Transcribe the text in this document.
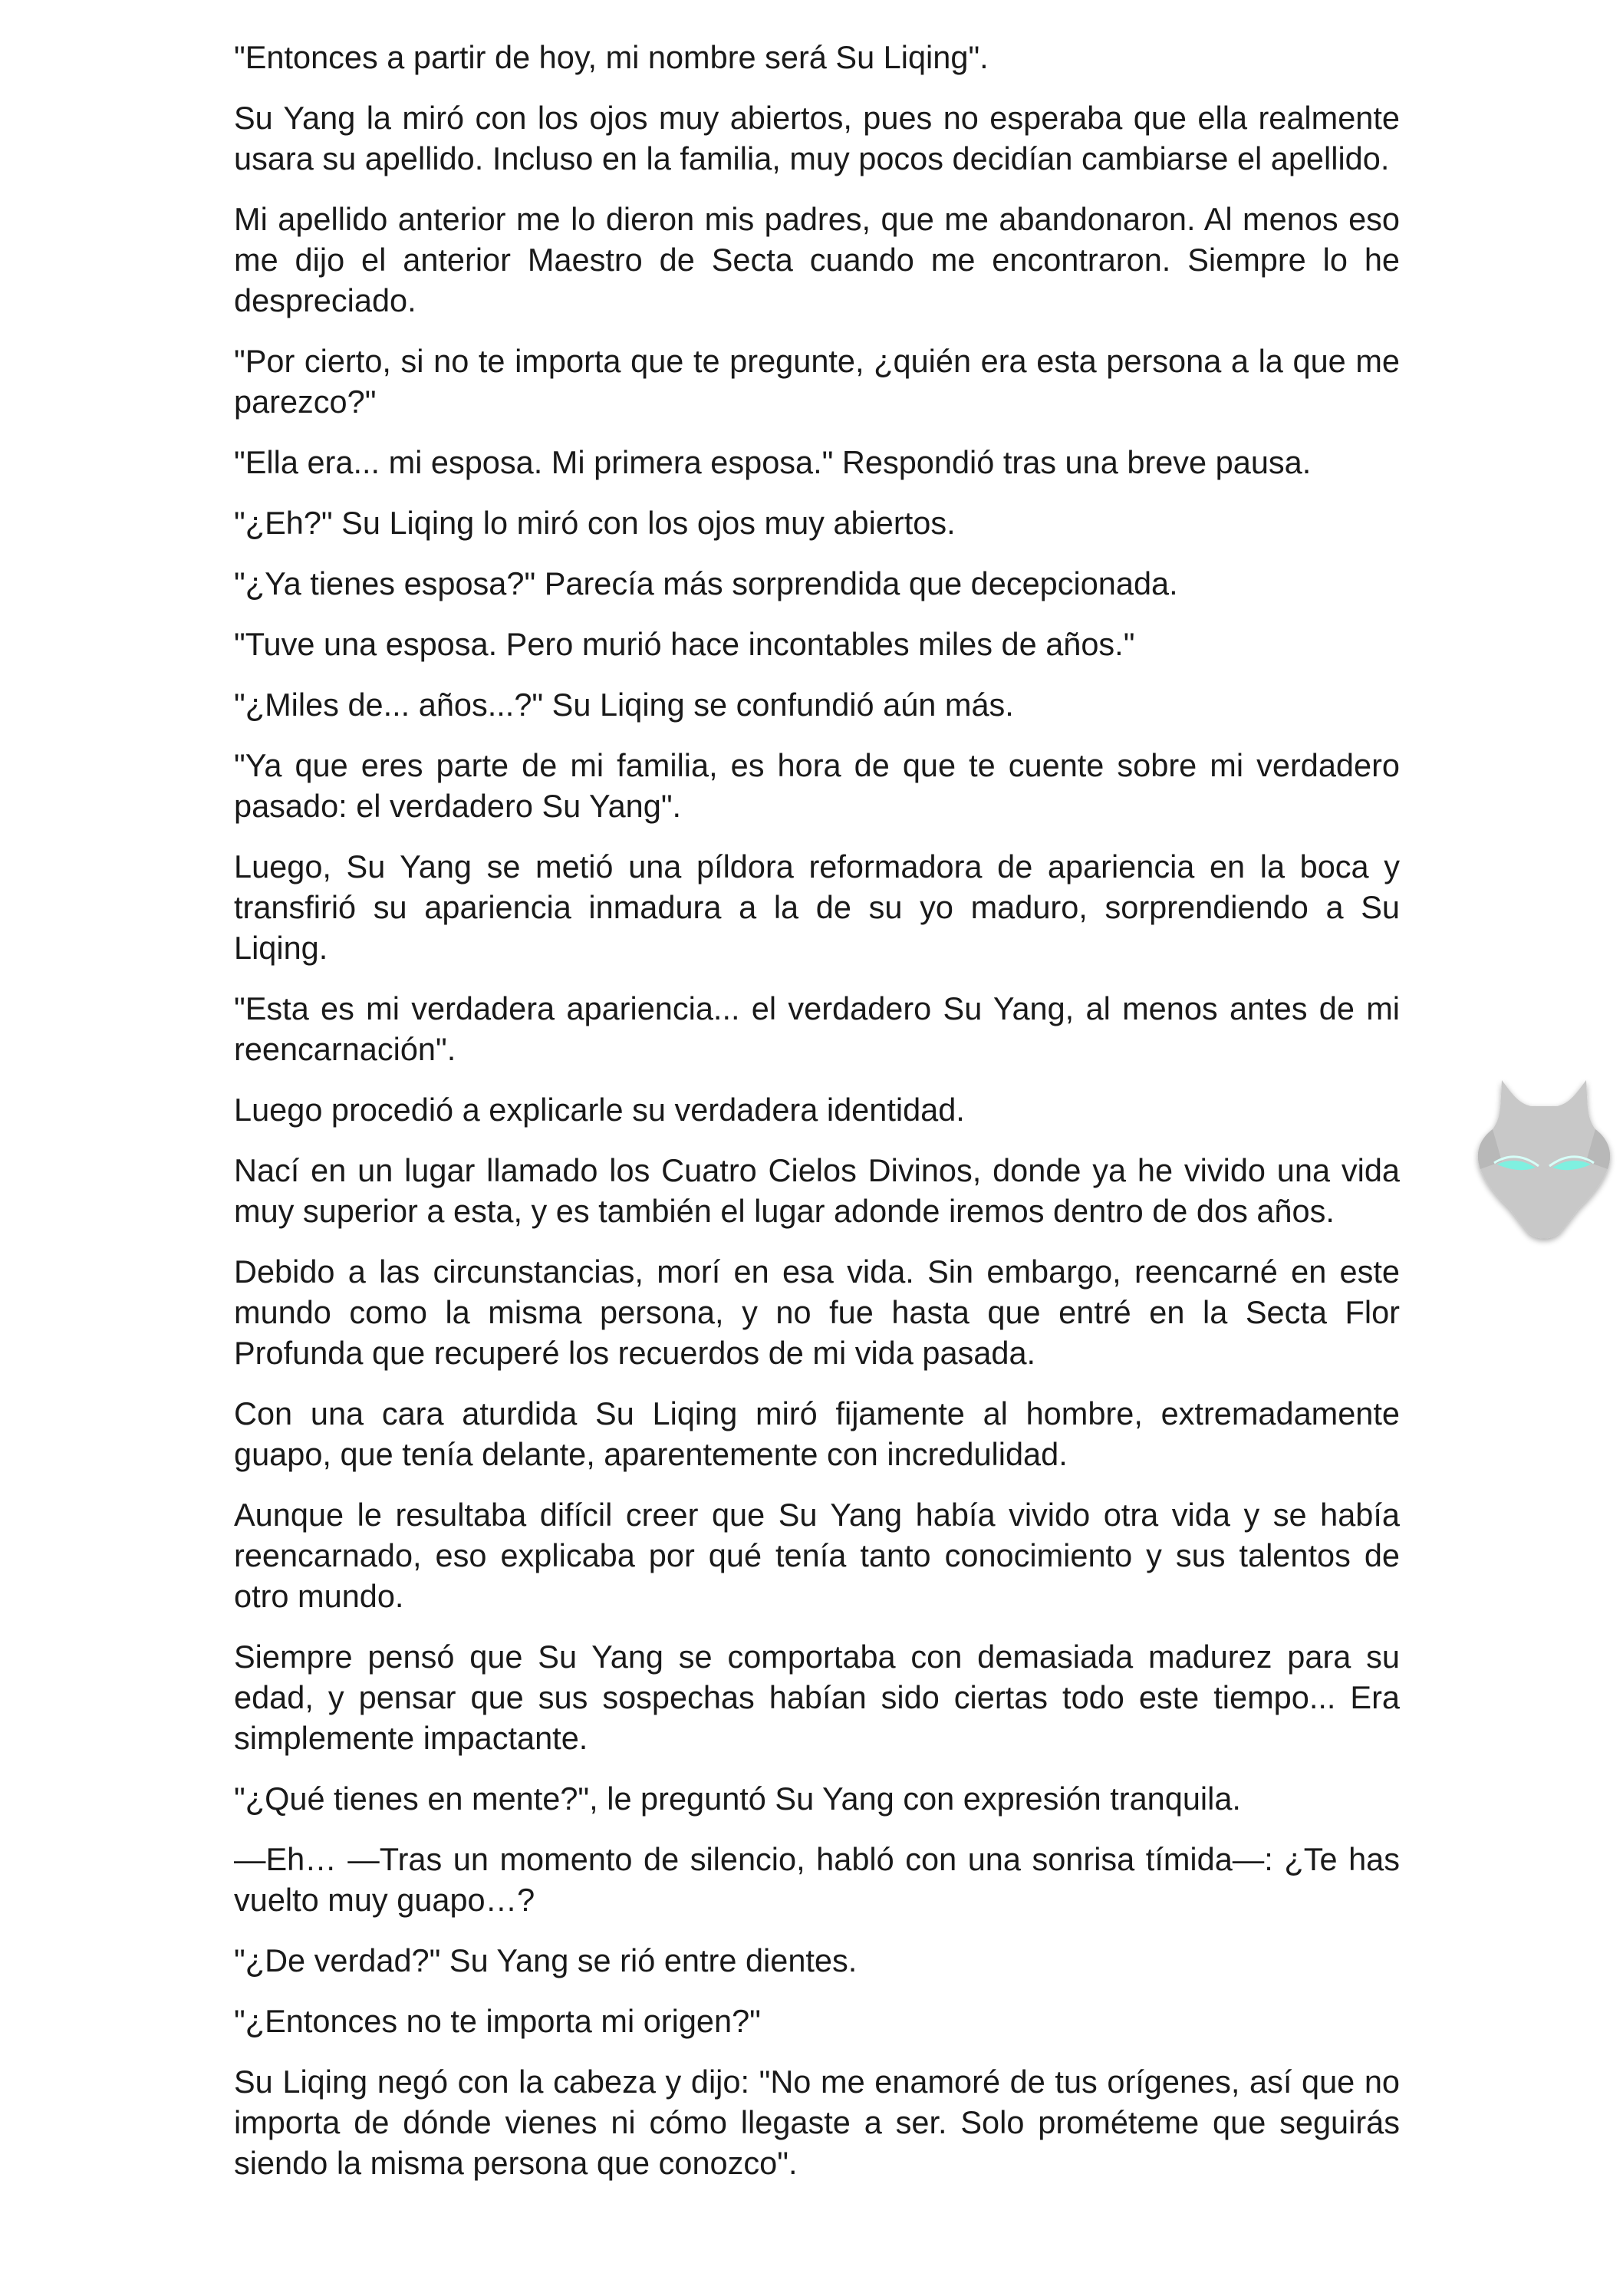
"Entonces a partir de hoy, mi nombre será Su Liqing".

Su Yang la miró con los ojos muy abiertos, pues no esperaba que ella realmente usara su apellido. Incluso en la familia, muy pocos decidían cambiarse el apellido.

Mi apellido anterior me lo dieron mis padres, que me abandonaron. Al menos eso me dijo el anterior Maestro de Secta cuando me encontraron. Siempre lo he despreciado.

"Por cierto, si no te importa que te pregunte, ¿quién era esta persona a la que me parezco?"

"Ella era... mi esposa. Mi primera esposa." Respondió tras una breve pausa.

"¿Eh?" Su Liqing lo miró con los ojos muy abiertos.

"¿Ya tienes esposa?" Parecía más sorprendida que decepcionada.

"Tuve una esposa. Pero murió hace incontables miles de años."

"¿Miles de... años...?" Su Liqing se confundió aún más.

"Ya que eres parte de mi familia, es hora de que te cuente sobre mi verdadero pasado: el verdadero Su Yang".

Luego, Su Yang se metió una píldora reformadora de apariencia en la boca y transfirió su apariencia inmadura a la de su yo maduro, sorprendiendo a Su Liqing.

"Esta es mi verdadera apariencia... el verdadero Su Yang, al menos antes de mi reencarnación".

Luego procedió a explicarle su verdadera identidad.

Nací en un lugar llamado los Cuatro Cielos Divinos, donde ya he vivido una vida muy superior a esta, y es también el lugar adonde iremos dentro de dos años.

Debido a las circunstancias, morí en esa vida. Sin embargo, reencarné en este mundo como la misma persona, y no fue hasta que entré en la Secta Flor Profunda que recuperé los recuerdos de mi vida pasada.

Con una cara aturdida Su Liqing miró fijamente al hombre, extremadamente guapo, que tenía delante, aparentemente con incredulidad.

Aunque le resultaba difícil creer que Su Yang había vivido otra vida y se había reencarnado, eso explicaba por qué tenía tanto conocimiento y sus talentos de otro mundo.

Siempre pensó que Su Yang se comportaba con demasiada madurez para su edad, y pensar que sus sospechas habían sido ciertas todo este tiempo... Era simplemente impactante.

"¿Qué tienes en mente?", le preguntó Su Yang con expresión tranquila.

—Eh… —Tras un momento de silencio, habló con una sonrisa tímida—: ¿Te has vuelto muy guapo…?

"¿De verdad?" Su Yang se rió entre dientes.

"¿Entonces no te importa mi origen?"

Su Liqing negó con la cabeza y dijo: "No me enamoré de tus orígenes, así que no importa de dónde vienes ni cómo llegaste a ser. Solo prométeme que seguirás siendo la misma persona que conozco".
